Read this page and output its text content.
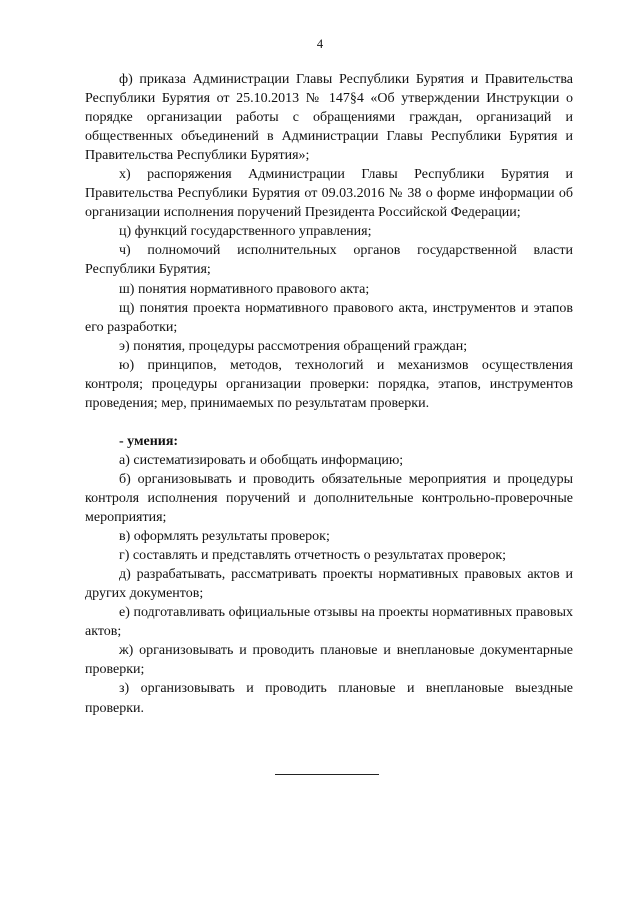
4

ф) приказа Администрации Главы Республики Бурятия и Правительства Республики Бурятия от 25.10.2013 № 147§4 «Об утверждении Инструкции о порядке организации работы с обращениями граждан, организаций и общественных объединений в Администрации Главы Республики Бурятия и Правительства Республики Бурятия»;

х) распоряжения Администрации Главы Республики Бурятия и Правительства Республики Бурятия от 09.03.2016 № 38 о форме информации об организации исполнения поручений Президента Российской Федерации;

ц) функций государственного управления;

ч) полномочий исполнительных органов государственной власти Республики Бурятия;

ш) понятия нормативного правового акта;

щ) понятия проекта нормативного правового акта, инструментов и этапов его разработки;

э) понятия, процедуры рассмотрения обращений граждан;

ю) принципов, методов, технологий и механизмов осуществления контроля; процедуры организации проверки: порядка, этапов, инструментов проведения; мер, принимаемых по результатам проверки.

- умения:

а) систематизировать и обобщать информацию;

б) организовывать и проводить обязательные мероприятия и процедуры контроля исполнения поручений и дополнительные контрольно-проверочные мероприятия;

в) оформлять результаты проверок;

г) составлять и представлять отчетность о результатах проверок;

д) разрабатывать, рассматривать проекты нормативных правовых актов и других документов;

е) подготавливать официальные отзывы на проекты нормативных правовых актов;

ж) организовывать и проводить плановые и внеплановые документарные проверки;

з) организовывать и проводить плановые и внеплановые выездные проверки.
